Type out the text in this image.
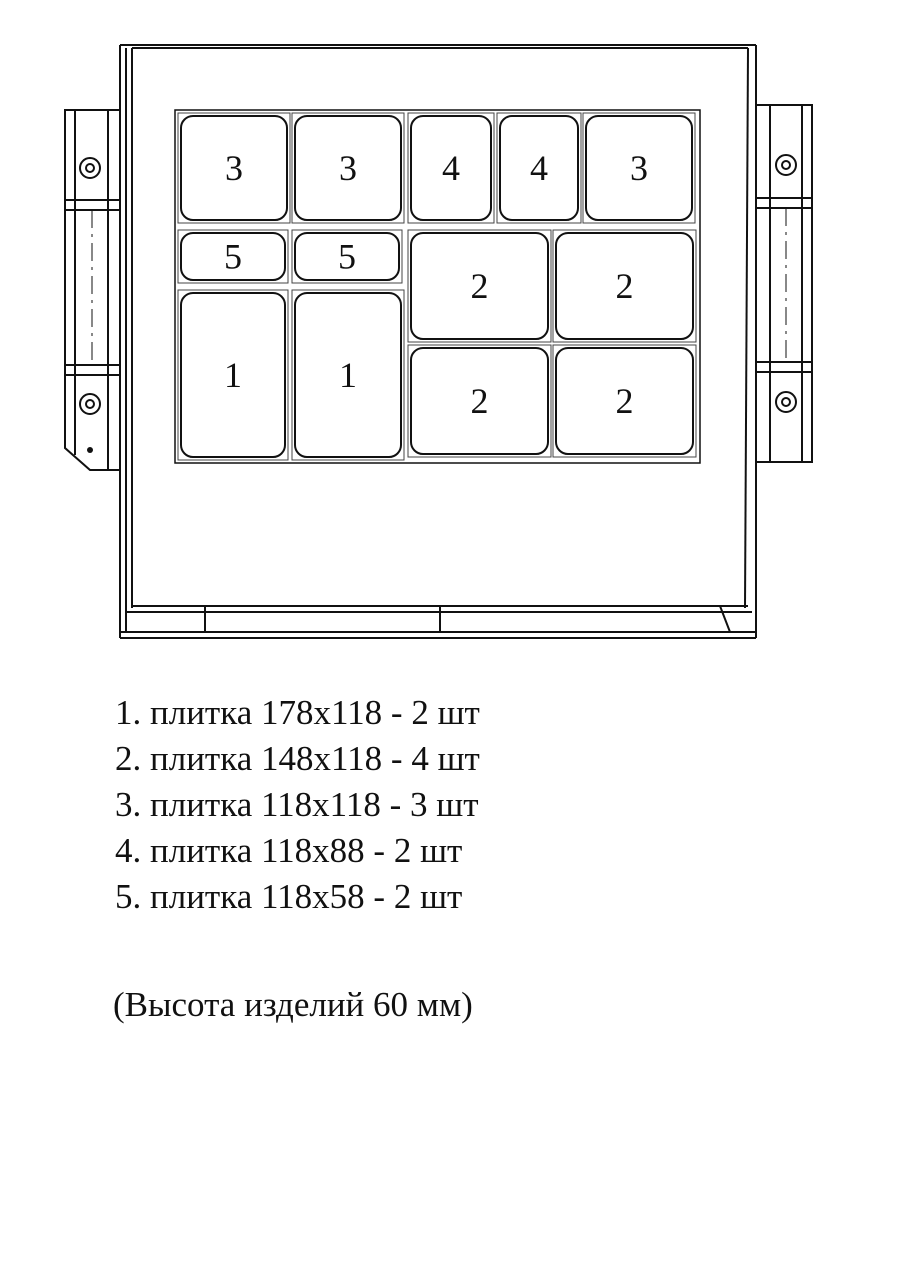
3	3 4 4 3
5	5
2	2
1	1
2	2
1. плитка 178х118 - 2 шт
2. плитка 148х118 - 4 шт
3. плитка 118х118 - 3 шт
4. плитка 118х88 - 2 шт
5. плитка 118х58 - 2 шт
(Высота изделий 60 мм)
